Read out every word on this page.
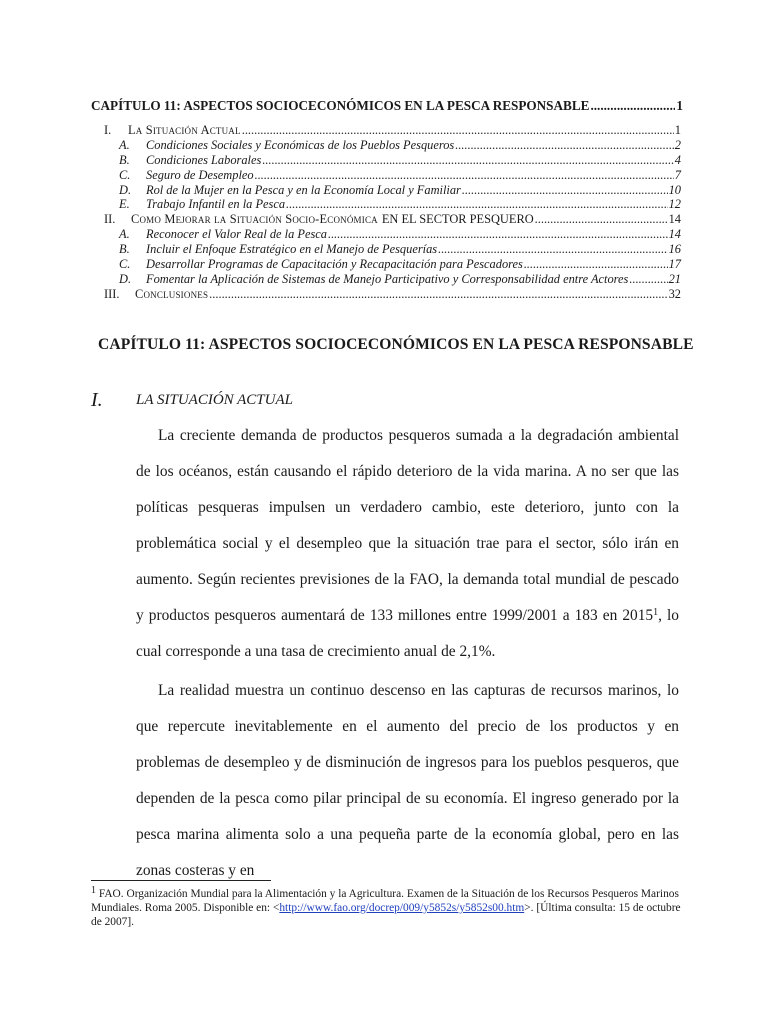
CAPÍTULO 11: ASPECTOS SOCIOCECONÓMICOS EN LA PESCA RESPONSABLE .....	1
I.	La Situación Actual .....	1
A.	Condiciones Sociales y Económicas de los Pueblos Pesqueros .....	2
B.	Condiciones Laborales .....	4
C.	Seguro de Desempleo .....	7
D.	Rol de la Mujer en la Pesca y en la Economía Local y Familiar .....	10
E.	Trabajo Infantil en la Pesca .....	12
II.	Como Mejorar la Situación Socio-Económica EN EL SECTOR PESQUERO .....	14
A.	Reconocer el Valor Real de la Pesca .....	14
B.	Incluir el Enfoque Estratégico en el Manejo de Pesquerías .....	16
C.	Desarrollar Programas de Capacitación y Recapacitación para Pescadores .....	17
D.	Fomentar la Aplicación de Sistemas de Manejo Participativo y Corresponsabilidad entre Actores .....	21
III.	Conclusiones .....	32
CAPÍTULO 11: ASPECTOS SOCIOCECONÓMICOS EN LA PESCA RESPONSABLE
I. LA SITUACIÓN ACTUAL

La creciente demanda de productos pesqueros sumada a la degradación ambiental de los océanos, están causando el rápido deterioro de la vida marina. A no ser que las políticas pesqueras impulsen un verdadero cambio, este deterioro, junto con la problemática social y el desempleo que la situación trae para el sector, sólo irán en aumento. Según recientes previsiones de la FAO, la demanda total mundial de pescado y productos pesqueros aumentará de 133 millones entre 1999/2001 a 183 en 2015$^1$, lo cual corresponde a una tasa de crecimiento anual de 2,1%.

La realidad muestra un continuo descenso en las capturas de recursos marinos, lo que repercute inevitablemente en el aumento del precio de los productos y en problemas de desempleo y de disminución de ingresos para los pueblos pesqueros, que dependen de la pesca como pilar principal de su economía. El ingreso generado por la pesca marina alimenta solo a una pequeña parte de la economía global, pero en las zonas costeras y en

$^1$ FAO. Organización Mundial para la Alimentación y la Agricultura. Examen de la Situación de los Recursos Pesqueros Marinos Mundiales. Roma 2005. Disponible en: <http://www.fao.org/docrep/009/y5852s/y5852s00.htm>. [Última consulta: 15 de octubre de 2007].
